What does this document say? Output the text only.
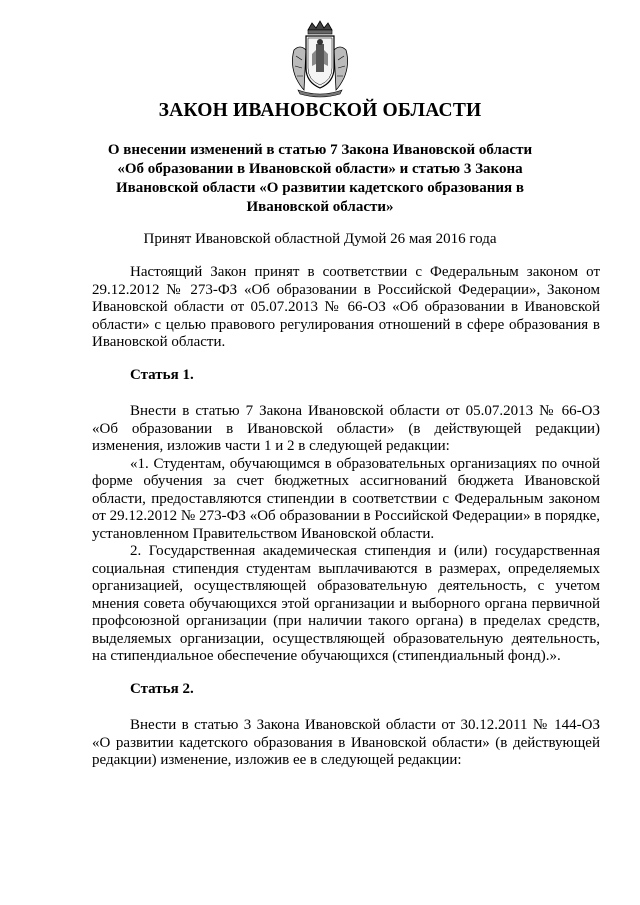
ЗАКОН ИВАНОВСКОЙ ОБЛАСТИ
О внесении изменений в статью 7 Закона Ивановской области «Об образовании в Ивановской области» и статью 3 Закона Ивановской области «О развитии кадетского образования в Ивановской области»
Принят Ивановской областной Думой 26 мая 2016 года

Настоящий Закон принят в соответствии с Федеральным законом от 29.12.2012 № 273-ФЗ «Об образовании в Российской Федерации», Законом Ивановской области от 05.07.2013 № 66-ОЗ «Об образовании в Ивановской области» с целью правового регулирования отношений в сфере образования в Ивановской области.

Статья 1.

Внести в статью 7 Закона Ивановской области от 05.07.2013 № 66-ОЗ «Об образовании в Ивановской области» (в действующей редакции) изменения, изложив части 1 и 2 в следующей редакции:

«1. Студентам, обучающимся в образовательных организациях по очной форме обучения за счет бюджетных ассигнований бюджета Ивановской области, предоставляются стипендии в соответствии с Федеральным законом от 29.12.2012 № 273-ФЗ «Об образовании в Российской Федерации» в порядке, установленном Правительством Ивановской области.

2. Государственная академическая стипендия и (или) государственная социальная стипендия студентам выплачиваются в размерах, определяемых организацией, осуществляющей образовательную деятельность, с учетом мнения совета обучающихся этой организации и выборного органа первичной профсоюзной организации (при наличии такого органа) в пределах средств, выделяемых организации, осуществляющей образовательную деятельность, на стипендиальное обеспечение обучающихся (стипендиальный фонд).».

Статья 2.

Внести в статью 3 Закона Ивановской области от 30.12.2011 № 144-ОЗ «О развитии кадетского образования в Ивановской области» (в действующей редакции) изменение, изложив ее в следующей редакции:
